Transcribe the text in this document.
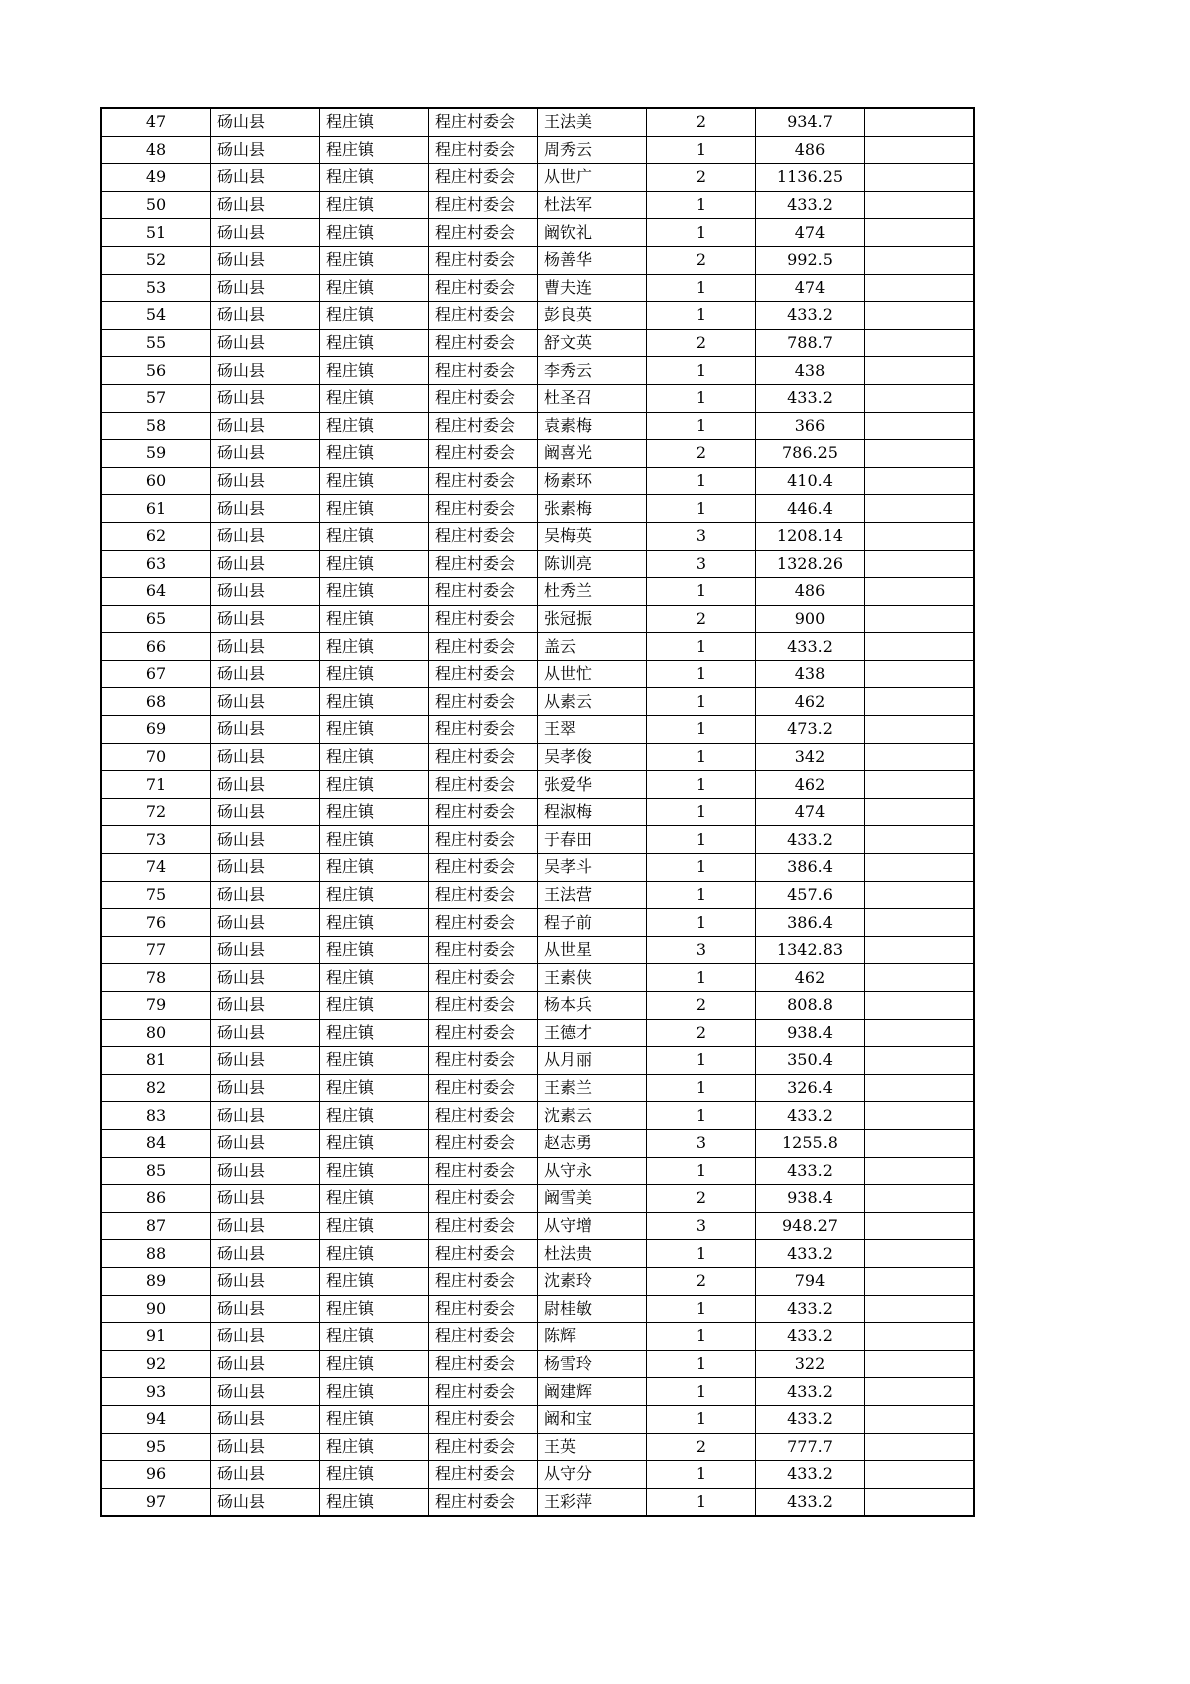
47	砀山县	程庄镇	程庄村委会	王法美	2	934.7	
48	砀山县	程庄镇	程庄村委会	周秀云	1	486	
49	砀山县	程庄镇	程庄村委会	从世广	2	1136.25	
50	砀山县	程庄镇	程庄村委会	杜法军	1	433.2	
51	砀山县	程庄镇	程庄村委会	阚钦礼	1	474	
52	砀山县	程庄镇	程庄村委会	杨善华	2	992.5	
53	砀山县	程庄镇	程庄村委会	曹夫连	1	474	
54	砀山县	程庄镇	程庄村委会	彭良英	1	433.2	
55	砀山县	程庄镇	程庄村委会	舒文英	2	788.7	
56	砀山县	程庄镇	程庄村委会	李秀云	1	438	
57	砀山县	程庄镇	程庄村委会	杜圣召	1	433.2	
58	砀山县	程庄镇	程庄村委会	袁素梅	1	366	
59	砀山县	程庄镇	程庄村委会	阚喜光	2	786.25	
60	砀山县	程庄镇	程庄村委会	杨素环	1	410.4	
61	砀山县	程庄镇	程庄村委会	张素梅	1	446.4	
62	砀山县	程庄镇	程庄村委会	吴梅英	3	1208.14	
63	砀山县	程庄镇	程庄村委会	陈训亮	3	1328.26	
64	砀山县	程庄镇	程庄村委会	杜秀兰	1	486	
65	砀山县	程庄镇	程庄村委会	张冠振	2	900	
66	砀山县	程庄镇	程庄村委会	盖云	1	433.2	
67	砀山县	程庄镇	程庄村委会	从世忙	1	438	
68	砀山县	程庄镇	程庄村委会	从素云	1	462	
69	砀山县	程庄镇	程庄村委会	王翠	1	473.2	
70	砀山县	程庄镇	程庄村委会	吴孝俊	1	342	
71	砀山县	程庄镇	程庄村委会	张爱华	1	462	
72	砀山县	程庄镇	程庄村委会	程淑梅	1	474	
73	砀山县	程庄镇	程庄村委会	于春田	1	433.2	
74	砀山县	程庄镇	程庄村委会	吴孝斗	1	386.4	
75	砀山县	程庄镇	程庄村委会	王法营	1	457.6	
76	砀山县	程庄镇	程庄村委会	程子前	1	386.4	
77	砀山县	程庄镇	程庄村委会	从世星	3	1342.83	
78	砀山县	程庄镇	程庄村委会	王素侠	1	462	
79	砀山县	程庄镇	程庄村委会	杨本兵	2	808.8	
80	砀山县	程庄镇	程庄村委会	王德才	2	938.4	
81	砀山县	程庄镇	程庄村委会	从月丽	1	350.4	
82	砀山县	程庄镇	程庄村委会	王素兰	1	326.4	
83	砀山县	程庄镇	程庄村委会	沈素云	1	433.2	
84	砀山县	程庄镇	程庄村委会	赵志勇	3	1255.8	
85	砀山县	程庄镇	程庄村委会	从守永	1	433.2	
86	砀山县	程庄镇	程庄村委会	阚雪美	2	938.4	
87	砀山县	程庄镇	程庄村委会	从守增	3	948.27	
88	砀山县	程庄镇	程庄村委会	杜法贵	1	433.2	
89	砀山县	程庄镇	程庄村委会	沈素玲	2	794	
90	砀山县	程庄镇	程庄村委会	尉桂敏	1	433.2	
91	砀山县	程庄镇	程庄村委会	陈辉	1	433.2	
92	砀山县	程庄镇	程庄村委会	杨雪玲	1	322	
93	砀山县	程庄镇	程庄村委会	阚建辉	1	433.2	
94	砀山县	程庄镇	程庄村委会	阚和宝	1	433.2	
95	砀山县	程庄镇	程庄村委会	王英	2	777.7	
96	砀山县	程庄镇	程庄村委会	从守分	1	433.2	
97	砀山县	程庄镇	程庄村委会	王彩萍	1	433.2	
